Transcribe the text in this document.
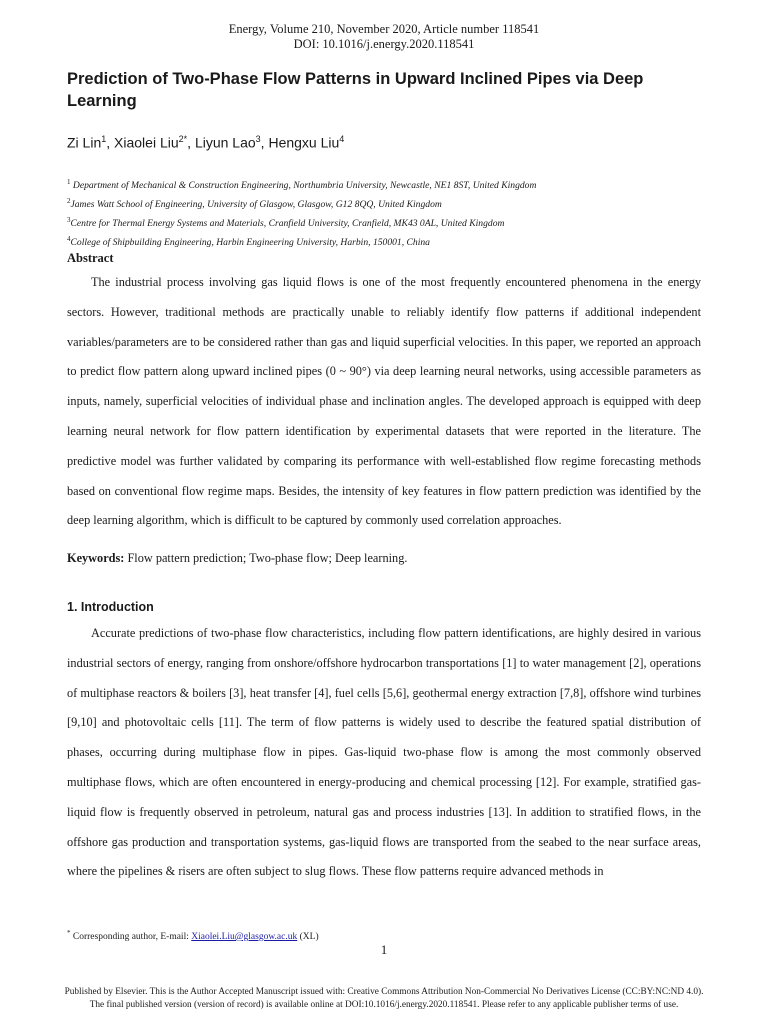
Energy, Volume 210, November 2020, Article number 118541
DOI: 10.1016/j.energy.2020.118541
Prediction of Two-Phase Flow Patterns in Upward Inclined Pipes via Deep Learning
Zi Lin$^1$, Xiaolei Liu$^{2*}$, Liyun Lao$^3$, Hengxu Liu$^4$
$^1$ Department of Mechanical & Construction Engineering, Northumbria University, Newcastle, NE1 8ST, United Kingdom
$^2$James Watt School of Engineering, University of Glasgow, Glasgow, G12 8QQ, United Kingdom
$^3$Centre for Thermal Energy Systems and Materials, Cranfield University, Cranfield, MK43 0AL, United Kingdom
$^4$College of Shipbuilding Engineering, Harbin Engineering University, Harbin, 150001, China
Abstract

The industrial process involving gas liquid flows is one of the most frequently encountered phenomena in the energy sectors. However, traditional methods are practically unable to reliably identify flow patterns if additional independent variables/parameters are to be considered rather than gas and liquid superficial velocities. In this paper, we reported an approach to predict flow pattern along upward inclined pipes (0 ~ 90°) via deep learning neural networks, using accessible parameters as inputs, namely, superficial velocities of individual phase and inclination angles. The developed approach is equipped with deep learning neural network for flow pattern identification by experimental datasets that were reported in the literature. The predictive model was further validated by comparing its performance with well-established flow regime forecasting methods based on conventional flow regime maps. Besides, the intensity of key features in flow pattern prediction was identified by the deep learning algorithm, which is difficult to be captured by commonly used correlation approaches.

Keywords: Flow pattern prediction; Two-phase flow; Deep learning.
1. Introduction

Accurate predictions of two-phase flow characteristics, including flow pattern identifications, are highly desired in various industrial sectors of energy, ranging from onshore/offshore hydrocarbon transportations [1] to water management [2], operations of multiphase reactors & boilers [3], heat transfer [4], fuel cells [5,6], geothermal energy extraction [7,8], offshore wind turbines [9,10] and photovoltaic cells [11]. The term of flow patterns is widely used to describe the featured spatial distribution of phases, occurring during multiphase flow in pipes. Gas-liquid two-phase flow is among the most commonly observed multiphase flows, which are often encountered in energy-producing and chemical processing [12]. For example, stratified gas-liquid flow is frequently observed in petroleum, natural gas and process industries [13]. In addition to stratified flows, in the offshore gas production and transportation systems, gas-liquid flows are transported from the seabed to the near surface areas, where the pipelines & risers are often subject to slug flows. These flow patterns require advanced methods in

* Corresponding author, E-mail: Xiaolei.Liu@glasgow.ac.uk (XL)
1
Published by Elsevier. This is the Author Accepted Manuscript issued with: Creative Commons Attribution Non-Commercial No Derivatives License (CC:BY:NC:ND 4.0).
The final published version (version of record) is available online at DOI:10.1016/j.energy.2020.118541. Please refer to any applicable publisher terms of use.
